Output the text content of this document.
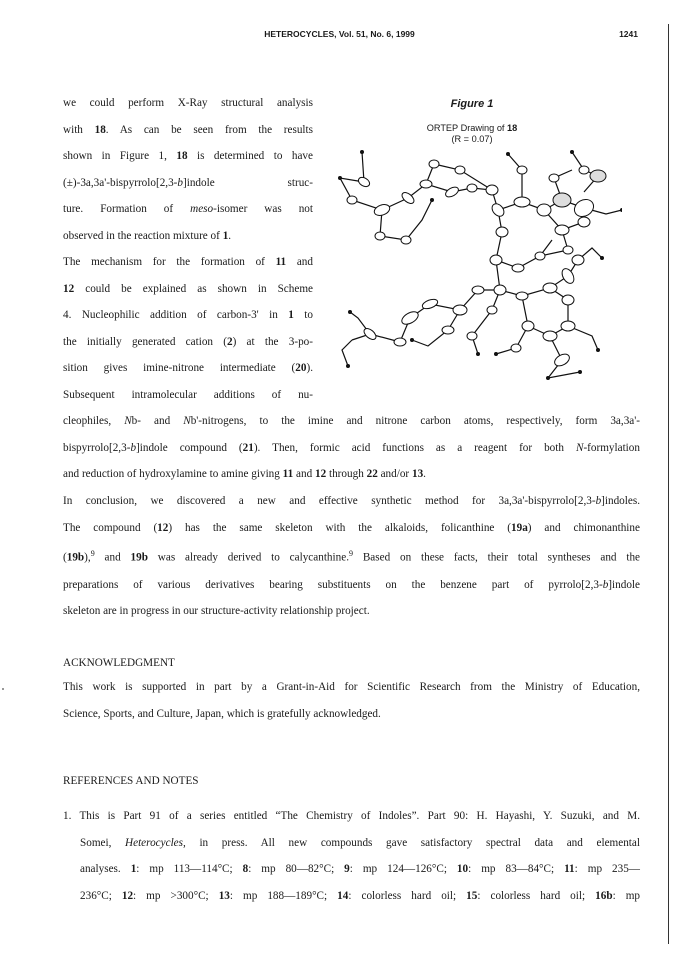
HETEROCYCLES, Vol. 51, No. 6, 1999	1241
we could perform X-Ray structural analysis
with 18. As can be seen from the results
shown in Figure 1, 18 is determined to have
(±)-3a,3a'-bispyrrolo[2,3-b]indole     struc-
ture. Formation of meso-isomer was not
observed in the reaction mixture of 1.
The mechanism for the formation of 11 and
12 could be explained as shown in Scheme
4. Nucleophilic addition of carbon-3' in 1 to
the initially generated cation (2) at the 3-po-
sition gives imine-nitrone intermediate (20).
Subsequent intramolecular additions of nu-
Figure 1
ORTEP Drawing of 18
(R = 0.07)
cleophiles, Nb- and Nb'-nitrogens, to the imine and nitrone carbon atoms, respectively, form 3a,3a'-
bispyrrolo[2,3-b]indole compound (21). Then, formic acid functions as a reagent for both N-formylation
and reduction of hydroxylamine to amine giving 11 and 12 through 22 and/or 13.
In conclusion, we discovered a new and effective synthetic method for 3a,3a'-bispyrrolo[2,3-b]indoles.
The compound (12) has the same skeleton with the alkaloids, folicanthine (19a) and chimonanthine
(19b),$^9$ and 19b was already derived to calycanthine.$^9$ Based on these facts, their total syntheses and the
preparations of various derivatives bearing substituents on the benzene part of pyrrolo[2,3-b]indole
skeleton are in progress in our structure-activity relationship project.
ACKNOWLEDGMENT
This work is supported in part by a Grant-in-Aid for Scientific Research from the Ministry of Education,
Science, Sports, and Culture, Japan, which is gratefully acknowledged.
REFERENCES AND NOTES
1. This is Part 91 of a series entitled “The Chemistry of Indoles”. Part 90: H. Hayashi, Y. Suzuki, and M.
Somei, Heterocycles, in press. All new compounds gave satisfactory spectral data and elemental
analyses. 1: mp 113—114°C; 8: mp 80—82°C; 9: mp 124—126°C; 10: mp 83—84°C; 11: mp 235—
236°C; 12: mp >300°C; 13: mp 188—189°C; 14: colorless hard oil; 15: colorless hard oil; 16b: mp
